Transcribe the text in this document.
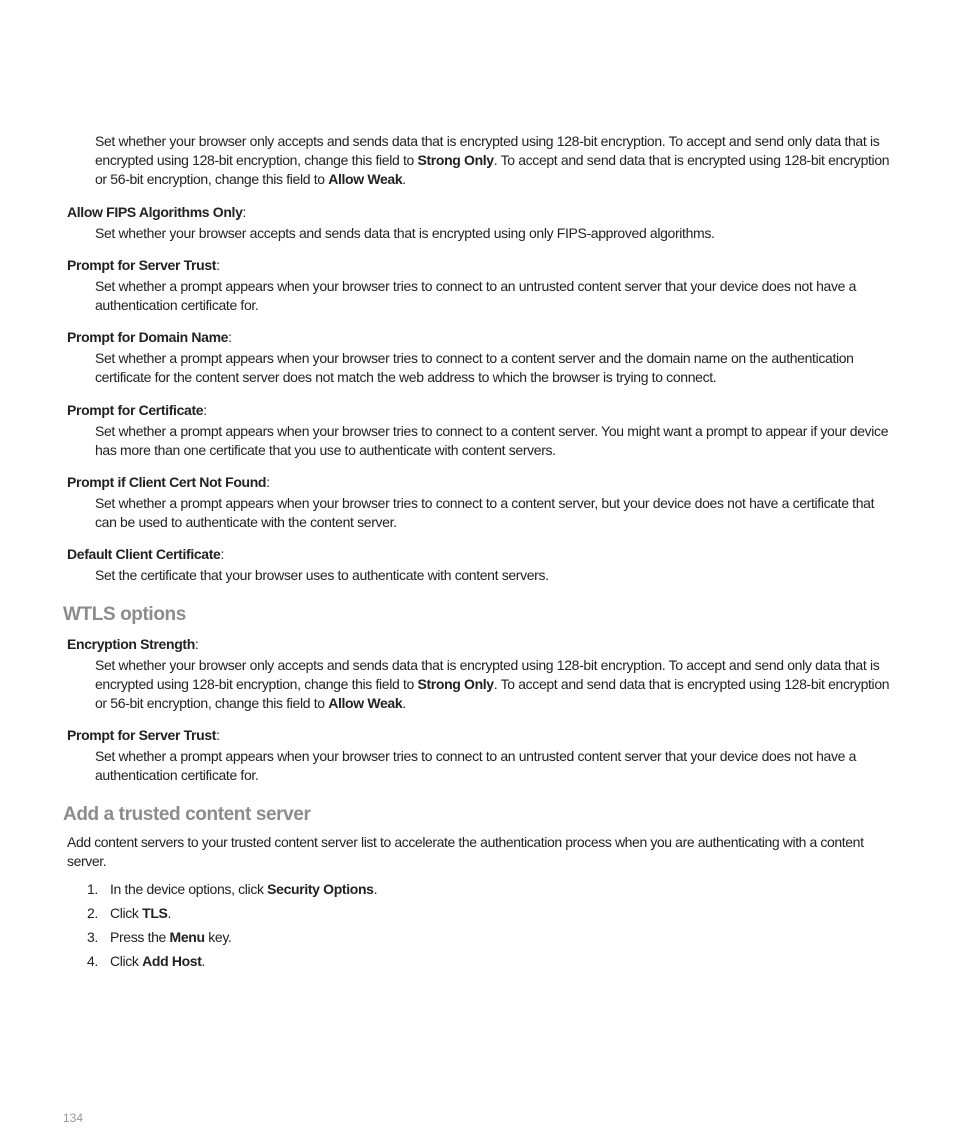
Set whether your browser only accepts and sends data that is encrypted using 128-bit encryption. To accept and send only data that is encrypted using 128-bit encryption, change this field to Strong Only. To accept and send data that is encrypted using 128-bit encryption or 56-bit encryption, change this field to Allow Weak.

Allow FIPS Algorithms Only:

Set whether your browser accepts and sends data that is encrypted using only FIPS-approved algorithms.

Prompt for Server Trust:

Set whether a prompt appears when your browser tries to connect to an untrusted content server that your device does not have a authentication certificate for.

Prompt for Domain Name:

Set whether a prompt appears when your browser tries to connect to a content server and the domain name on the authentication certificate for the content server does not match the web address to which the browser is trying to connect.

Prompt for Certificate:

Set whether a prompt appears when your browser tries to connect to a content server. You might want a prompt to appear if your device has more than one certificate that you use to authenticate with content servers.

Prompt if Client Cert Not Found:

Set whether a prompt appears when your browser tries to connect to a content server, but your device does not have a certificate that can be used to authenticate with the content server.

Default Client Certificate:

Set the certificate that your browser uses to authenticate with content servers.

WTLS options
Encryption Strength:

Set whether your browser only accepts and sends data that is encrypted using 128-bit encryption. To accept and send only data that is encrypted using 128-bit encryption, change this field to Strong Only. To accept and send data that is encrypted using 128-bit encryption or 56-bit encryption, change this field to Allow Weak.

Prompt for Server Trust:

Set whether a prompt appears when your browser tries to connect to an untrusted content server that your device does not have a authentication certificate for.

Add a trusted content server

Add content servers to your trusted content server list to accelerate the authentication process when you are authenticating with a content server.

1. In the device options, click Security Options.
2. Click TLS.
3. Press the Menu key.
4. Click Add Host.
134
